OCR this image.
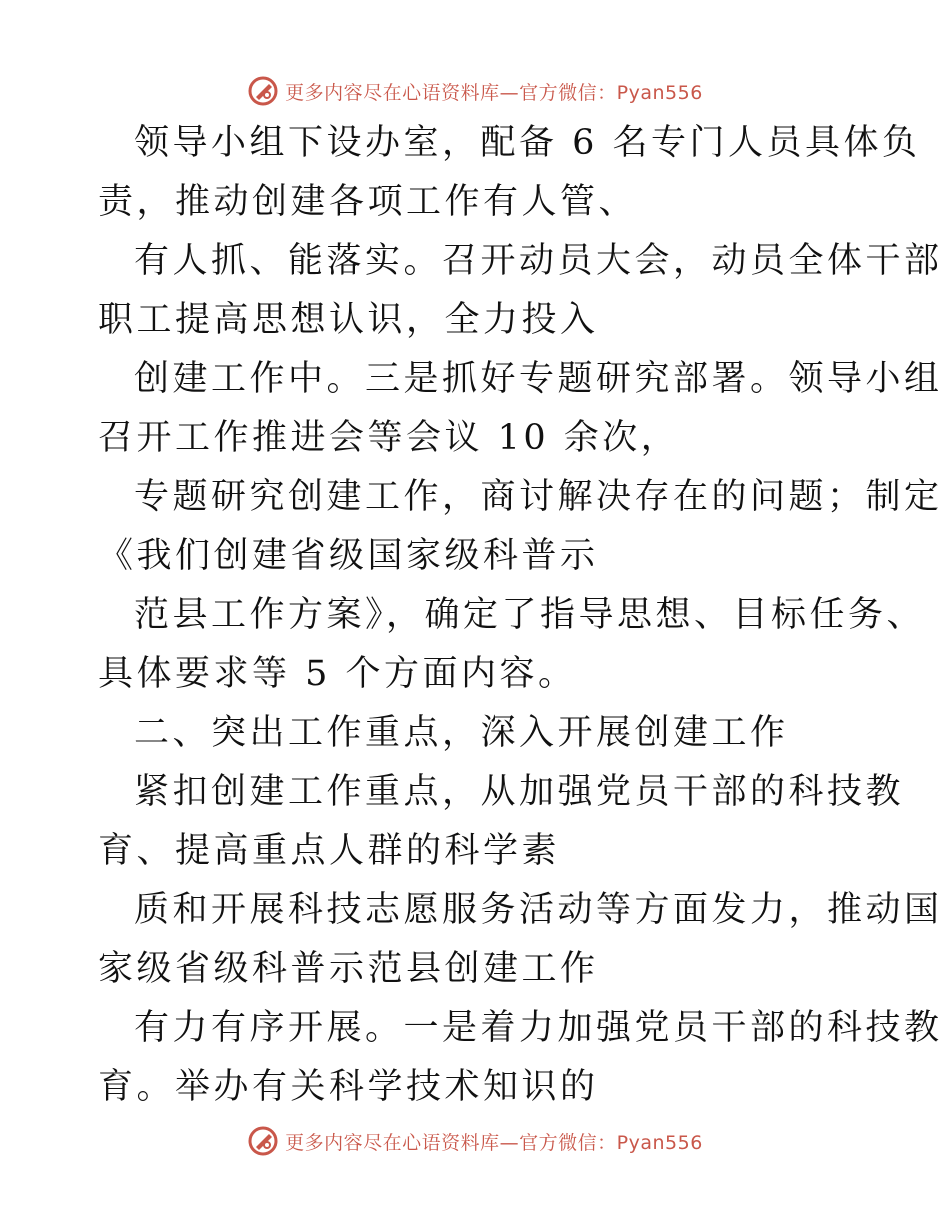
更多内容尽在心语资料库—官方微信：Pyan556
领导小组下设办室，配备 6 名专门人员具体负
责，推动创建各项工作有人管、
有人抓、能落实。召开动员大会，动员全体干部
职工提高思想认识，全力投入
创建工作中。三是抓好专题研究部署。领导小组
召开工作推进会等会议 10 余次，
专题研究创建工作，商讨解决存在的问题；制定
《我们创建省级国家级科普示
范县工作方案》，确定了指导思想、目标任务、
具体要求等 5 个方面内容。
二、突出工作重点，深入开展创建工作
紧扣创建工作重点，从加强党员干部的科技教
育、提高重点人群的科学素
质和开展科技志愿服务活动等方面发力，推动国
家级省级科普示范县创建工作
有力有序开展。一是着力加强党员干部的科技教
育。举办有关科学技术知识的
更多内容尽在心语资料库—官方微信：Pyan556
